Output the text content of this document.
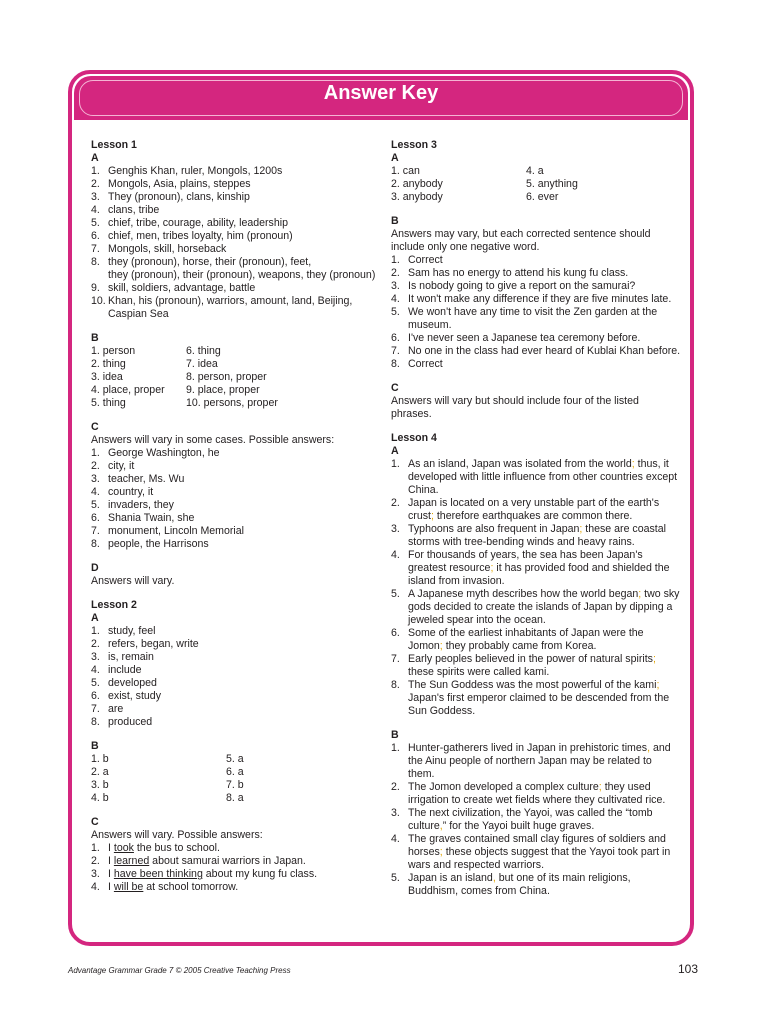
Answer Key
Lesson 1
A
1. Genghis Khan, ruler, Mongols, 1200s
2. Mongols, Asia, plains, steppes
3. They (pronoun), clans, kinship
4. clans, tribe
5. chief, tribe, courage, ability, leadership
6. chief, men, tribes loyalty, him (pronoun)
7. Mongols, skill, horseback
8. they (pronoun), horse, their (pronoun), feet,
they (pronoun), their (pronoun), weapons, they (pronoun)
9. skill, soldiers, advantage, battle
10. Khan, his (pronoun), warriors, amount, land, Beijing,
Caspian Sea
B
1. person	6. thing
2. thing	7. idea
3. idea	8. person, proper
4. place, proper	9. place, proper
5. thing	10. persons, proper
C
Answers will vary in some cases. Possible answers:
1. George Washington, he
2. city, it
3. teacher, Ms. Wu
4. country, it
5. invaders, they
6. Shania Twain, she
7. monument, Lincoln Memorial
8. people, the Harrisons
D
Answers will vary.
Lesson 2
A
1. study, feel
2. refers, began, write
3. is, remain
4. include
5. developed
6. exist, study
7. are
8. produced
B
1. b	5. a
2. a	6. a
3. b	7. b
4. b	8. a
C
Answers will vary. Possible answers:
1. I took the bus to school.
2. I learned about samurai warriors in Japan.
3. I have been thinking about my kung fu class.
4. I will be at school tomorrow.
Lesson 3
A
1. can	4. a
2. anybody	5. anything
3. anybody	6. ever
B
Answers may vary, but each corrected sentence should include only one negative word.
1. Correct
2. Sam has no energy to attend his kung fu class.
3. Is nobody going to give a report on the samurai?
4. It won't make any difference if they are five minutes late.
5. We won't have any time to visit the Zen garden at the museum.
6. I've never seen a Japanese tea ceremony before.
7. No one in the class had ever heard of Kublai Khan before.
8. Correct
C
Answers will vary but should include four of the listed phrases.
Lesson 4
A
1. As an island, Japan was isolated from the world; thus, it developed with little influence from other countries except China.
2. Japan is located on a very unstable part of the earth's crust; therefore earthquakes are common there.
3. Typhoons are also frequent in Japan; these are coastal storms with tree-bending winds and heavy rains.
4. For thousands of years, the sea has been Japan's greatest resource; it has provided food and shielded the island from invasion.
5. A Japanese myth describes how the world began; two sky gods decided to create the islands of Japan by dipping a jeweled spear into the ocean.
6. Some of the earliest inhabitants of Japan were the Jomon; they probably came from Korea.
7. Early peoples believed in the power of natural spirits; these spirits were called kami.
8. The Sun Goddess was the most powerful of the kami; Japan's first emperor claimed to be descended from the Sun Goddess.
B
1. Hunter-gatherers lived in Japan in prehistoric times, and the Ainu people of northern Japan may be related to them.
2. The Jomon developed a complex culture; they used irrigation to create wet fields where they cultivated rice.
3. The next civilization, the Yayoi, was called the “tomb culture,” for the Yayoi built huge graves.
4. The graves contained small clay figures of soldiers and horses; these objects suggest that the Yayoi took part in wars and respected warriors.
5. Japan is an island, but one of its main religions, Buddhism, comes from China.
Advantage Grammar Grade 7 © 2005 Creative Teaching Press	103
